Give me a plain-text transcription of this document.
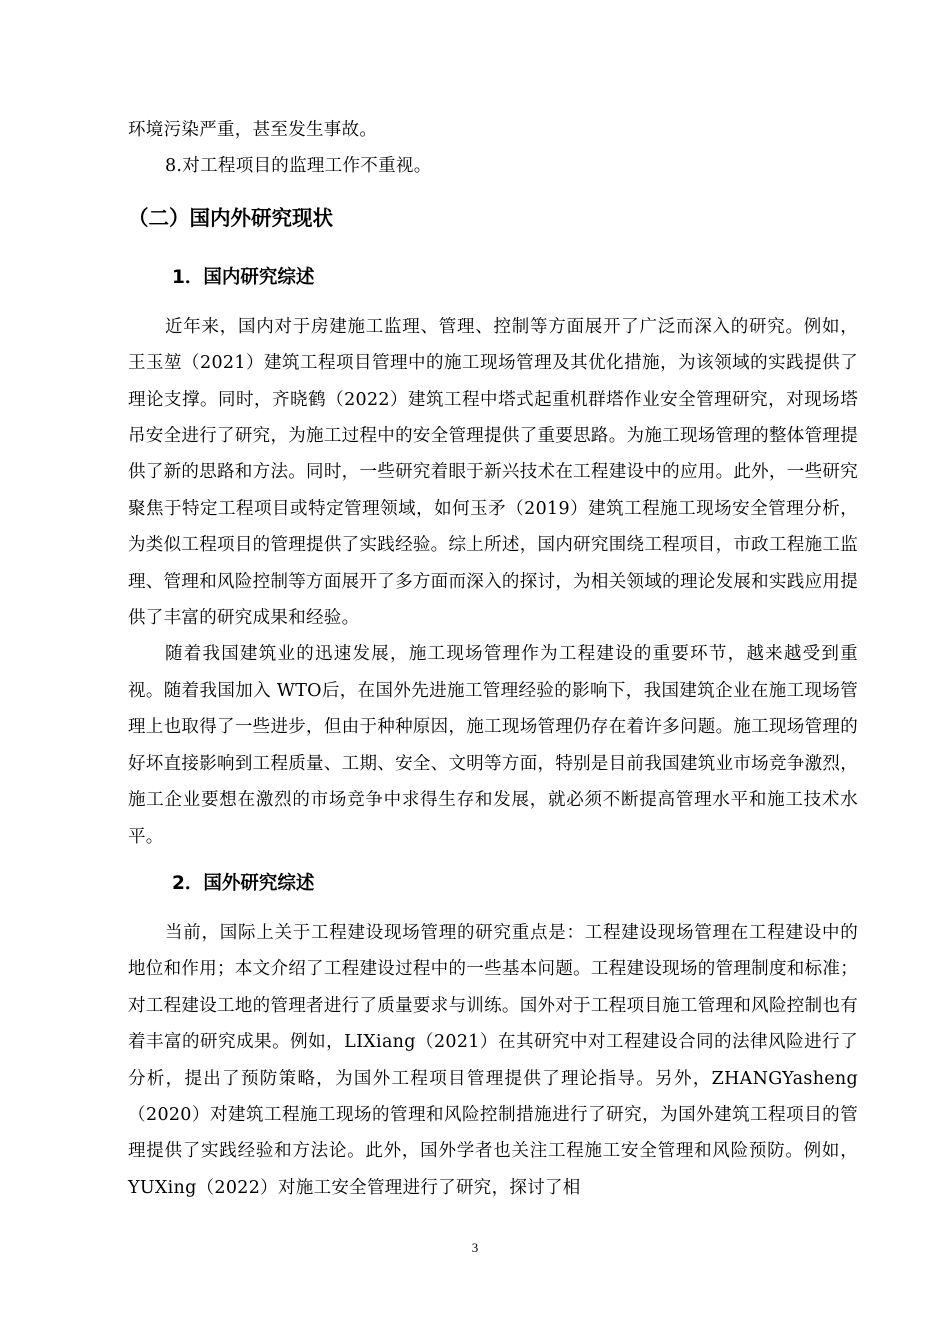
环境污染严重，甚至发生事故。

8.对工程项目的监理工作不重视。

（二）国内外研究现状
1．国内研究综述

近年来，国内对于房建施工监理、管理、控制等方面展开了广泛而深入的研究。例如，王玉堃（2021）建筑工程项目管理中的施工现场管理及其优化措施，为该领域的实践提供了理论支撑。同时，齐晓鹤（2022）建筑工程中塔式起重机群塔作业安全管理研究，对现场塔吊安全进行了研究，为施工过程中的安全管理提供了重要思路。为施工现场管理的整体管理提供了新的思路和方法。同时，一些研究着眼于新兴技术在工程建设中的应用。此外，一些研究聚焦于特定工程项目或特定管理领域，如何玉矛（2019）建筑工程施工现场安全管理分析，为类似工程项目的管理提供了实践经验。综上所述，国内研究围绕工程项目，市政工程施工监理、管理和风险控制等方面展开了多方面而深入的探讨，为相关领域的理论发展和实践应用提供了丰富的研究成果和经验。

随着我国建筑业的迅速发展，施工现场管理作为工程建设的重要环节，越来越受到重视。随着我国加入 WTO后，在国外先进施工管理经验的影响下，我国建筑企业在施工现场管理上也取得了一些进步，但由于种种原因，施工现场管理仍存在着许多问题。施工现场管理的好坏直接影响到工程质量、工期、安全、文明等方面，特别是目前我国建筑业市场竞争激烈，施工企业要想在激烈的市场竞争中求得生存和发展，就必须不断提高管理水平和施工技术水平。

2．国外研究综述

当前，国际上关于工程建设现场管理的研究重点是：工程建设现场管理在工程建设中的地位和作用；本文介绍了工程建设过程中的一些基本问题。工程建设现场的管理制度和标准；对工程建设工地的管理者进行了质量要求与训练。国外对于工程项目施工管理和风险控制也有着丰富的研究成果。例如，LIXiang（2021）在其研究中对工程建设合同的法律风险进行了分析，提出了预防策略，为国外工程项目管理提供了理论指导。另外，ZHANGYasheng（2020）对建筑工程施工现场的管理和风险控制措施进行了研究，为国外建筑工程项目的管理提供了实践经验和方法论。此外，国外学者也关注工程施工安全管理和风险预防。例如，YUXing（2022）对施工安全管理进行了研究，探讨了相

3
